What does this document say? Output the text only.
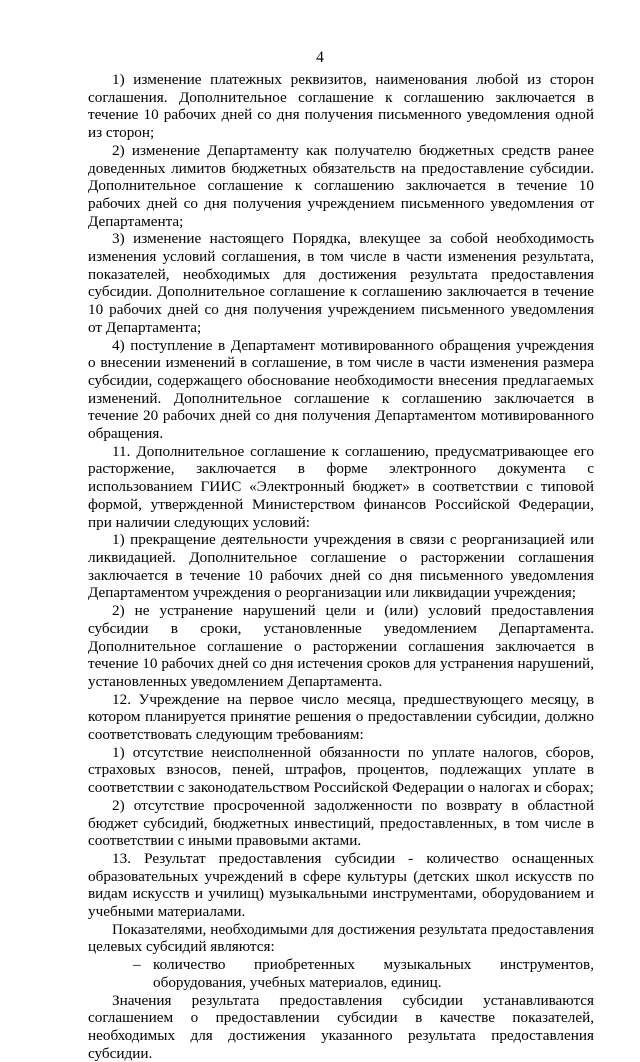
4

1) изменение платежных реквизитов, наименования любой из сторон соглашения. Дополнительное соглашение к соглашению заключается в течение 10 рабочих дней со дня получения письменного уведомления одной из сторон;

2) изменение Департаменту как получателю бюджетных средств ранее доведенных лимитов бюджетных обязательств на предоставление субсидии. Дополнительное соглашение к соглашению заключается в течение 10 рабочих дней со дня получения учреждением письменного уведомления от Департамента;

3) изменение настоящего Порядка, влекущее за собой необходимость изменения условий соглашения, в том числе в части изменения результата, показателей, необходимых для достижения результата предоставления субсидии. Дополнительное соглашение к соглашению заключается в течение 10 рабочих дней со дня получения учреждением письменного уведомления от Департамента;

4) поступление в Департамент мотивированного обращения учреждения о внесении изменений в соглашение, в том числе в части изменения размера субсидии, содержащего обоснование необходимости внесения предлагаемых изменений. Дополнительное соглашение к соглашению заключается в течение 20 рабочих дней со дня получения Департаментом мотивированного обращения.

11. Дополнительное соглашение к соглашению, предусматривающее его расторжение, заключается в форме электронного документа с использованием ГИИС «Электронный бюджет» в соответствии с типовой формой, утвержденной Министерством финансов Российской Федерации, при наличии следующих условий:

1) прекращение деятельности учреждения в связи с реорганизацией или ликвидацией. Дополнительное соглашение о расторжении соглашения заключается в течение 10 рабочих дней со дня письменного уведомления Департаментом учреждения о реорганизации или ликвидации учреждения;

2) не устранение нарушений цели и (или) условий предоставления субсидии в сроки, установленные уведомлением Департамента. Дополнительное соглашение о расторжении соглашения заключается в течение 10 рабочих дней со дня истечения сроков для устранения нарушений, установленных уведомлением Департамента.

12. Учреждение на первое число месяца, предшествующего месяцу, в котором планируется принятие решения о предоставлении субсидии, должно соответствовать следующим требованиям:

1) отсутствие неисполненной обязанности по уплате налогов, сборов, страховых взносов, пеней, штрафов, процентов, подлежащих уплате в соответствии с законодательством Российской Федерации о налогах и сборах;

2) отсутствие просроченной задолженности по возврату в областной бюджет субсидий, бюджетных инвестиций, предоставленных, в том числе в соответствии с иными правовыми актами.

13. Результат предоставления субсидии - количество оснащенных образовательных учреждений в сфере культуры (детских школ искусств по видам искусств и училищ) музыкальными инструментами, оборудованием и учебными материалами.

Показателями, необходимыми для достижения результата предоставления целевых субсидий являются:

– количество приобретенных музыкальных инструментов, оборудования, учебных материалов, единиц.

Значения результата предоставления субсидии устанавливаются соглашением о предоставлении субсидии в качестве показателей, необходимых для достижения указанного результата предоставления субсидии.
